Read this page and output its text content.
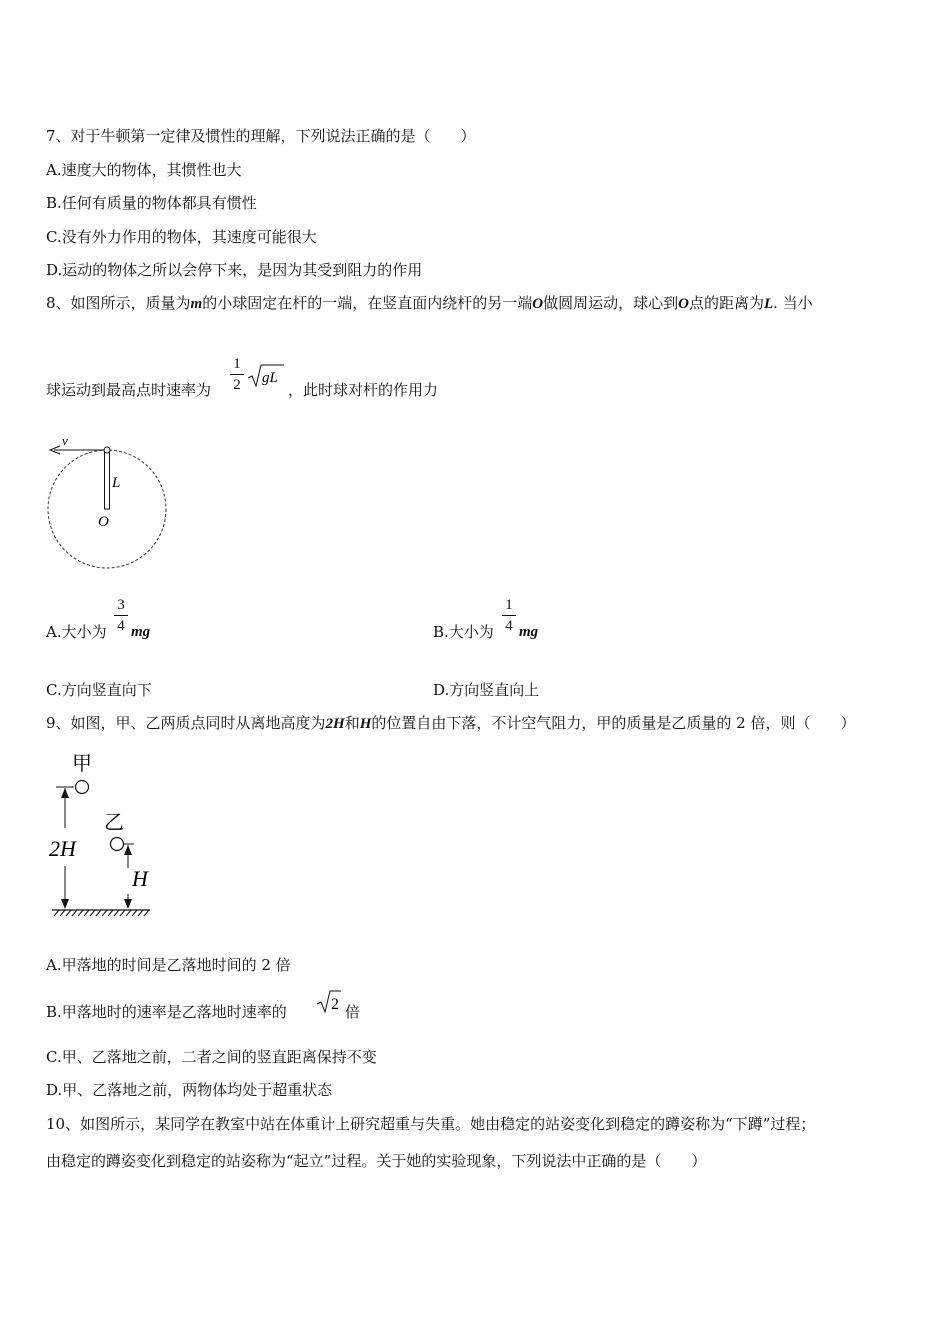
7、对于牛顿第一定律及惯性的理解，下列说法正确的是（　　）
A.速度大的物体，其惯性也大
B.任何有质量的物体都具有惯性
C.没有外力作用的物体，其速度可能很大
D.运动的物体之所以会停下来，是因为其受到阻力的作用
8、如图所示，质量为m的小球固定在杆的一端，在竖直面内绕杆的另一端O做圆周运动，球心到O点的距离为L. 当小
球运动到最高点时速率为
1
2 gL
，此时球对杆的作用力
v
L
O
A.大小为
3
4 mg	B.大小为
1
4 mg
C.方向竖直向下	D.方向竖直向上
9、如图，甲、乙两质点同时从离地高度为2H和H的位置自由下落，不计空气阻力，甲的质量是乙质量的 2 倍，则（　　）
甲
2H
乙
H
A.甲落地的时间是乙落地时间的 2 倍
B.甲落地时的速率是乙落地时速率的	2 倍
C.甲、乙落地之前，二者之间的竖直距离保持不变
D.甲、乙落地之前，两物体均处于超重状态
10、如图所示，某同学在教室中站在体重计上研究超重与失重。她由稳定的站姿变化到稳定的蹲姿称为“下蹲”过程；
由稳定的蹲姿变化到稳定的站姿称为“起立”过程。关于她的实验现象，下列说法中正确的是（　　）
